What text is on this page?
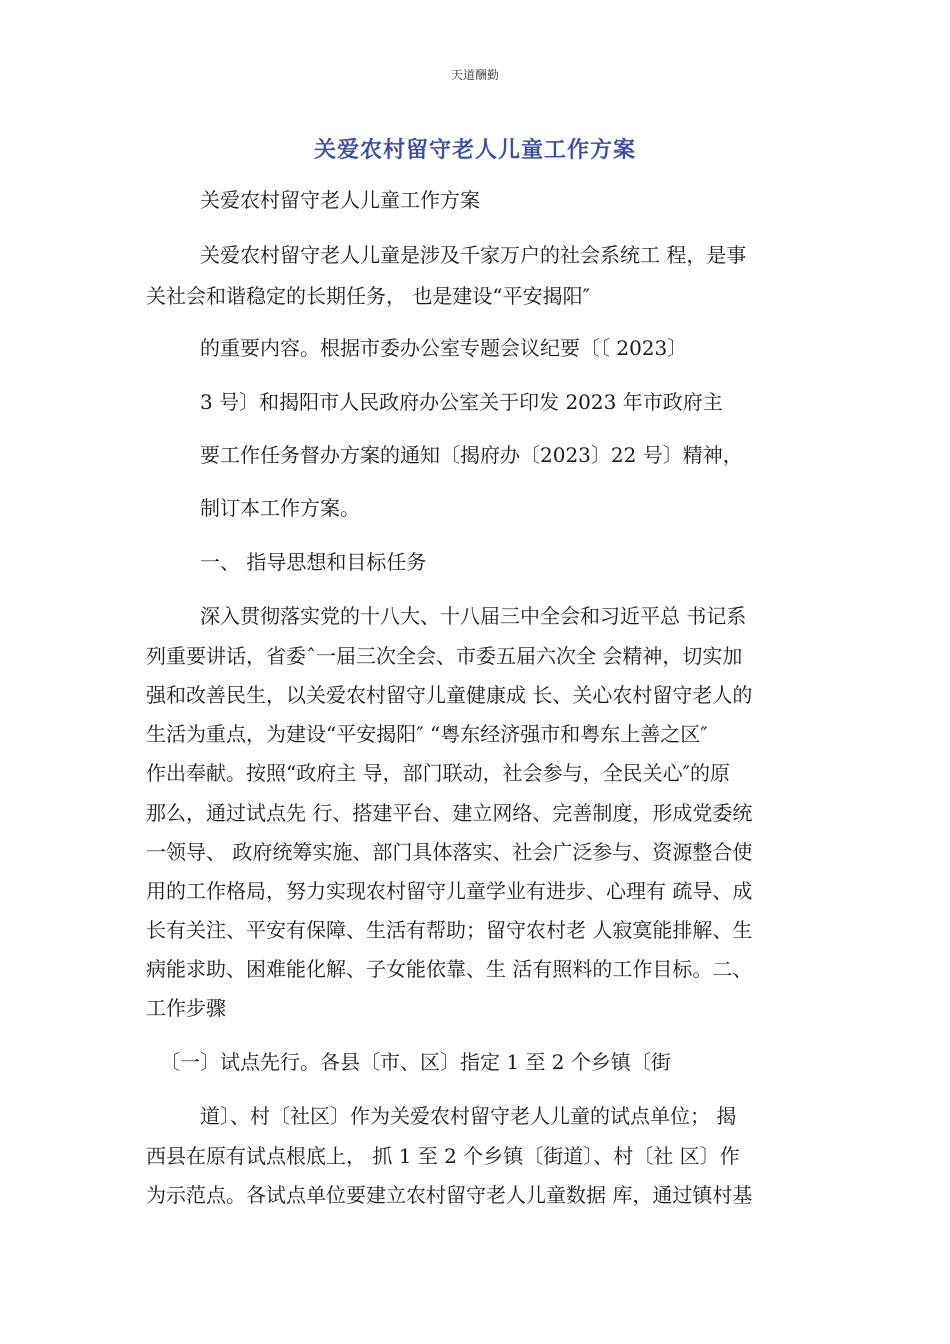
天道酬勤
关爱农村留守老人儿童工作方案
关爱农村留守老人儿童工作方案
关爱农村留守老人儿童是涉及千家万户的社会系统工 程，是事
关社会和谐稳定的长期任务， 也是建设“平安揭阳″
的重要内容。根据市委办公室专题会议纪要〔〔 2023〕
3 号〕和揭阳市人民政府办公室关于印发 2023 年市政府主
要工作任务督办方案的通知〔揭府办〔2023〕22 号〕精神，
制订本工作方案。
一、 指导思想和目标任务
深入贯彻落实党的十八大、十八届三中全会和习近平总 书记系
列重要讲话，省委ˆ一届三次全会、市委五届六次全 会精神，切实加
强和改善民生，以关爱农村留守儿童健康成 长、关心农村留守老人的
生活为重点，为建设“平安揭阳″ “粤东经济强市和粤东上善之区″
作出奉献。按照“政府主 导，部门联动，社会参与，全民关心″的原
那么，通过试点先 行、搭建平台、建立网络、完善制度，形成党委统
一领导、 政府统筹实施、部门具体落实、社会广泛参与、资源整合使
用的工作格局，努力实现农村留守儿童学业有进步、心理有 疏导、成
长有关注、平安有保障、生活有帮助；留守农村老 人寂寞能排解、生
病能求助、困难能化解、子女能依靠、生 活有照料的工作目标。二、
工作步骤
〔一〕试点先行。各县〔市、区〕指定 1 至 2 个乡镇〔街
道〕、村〔社区〕作为关爱农村留守老人儿童的试点单位； 揭
西县在原有试点根底上， 抓 1 至 2 个乡镇〔街道〕、村〔社 区〕作
为示范点。各试点单位要建立农村留守老人儿童数据 库，通过镇村基
